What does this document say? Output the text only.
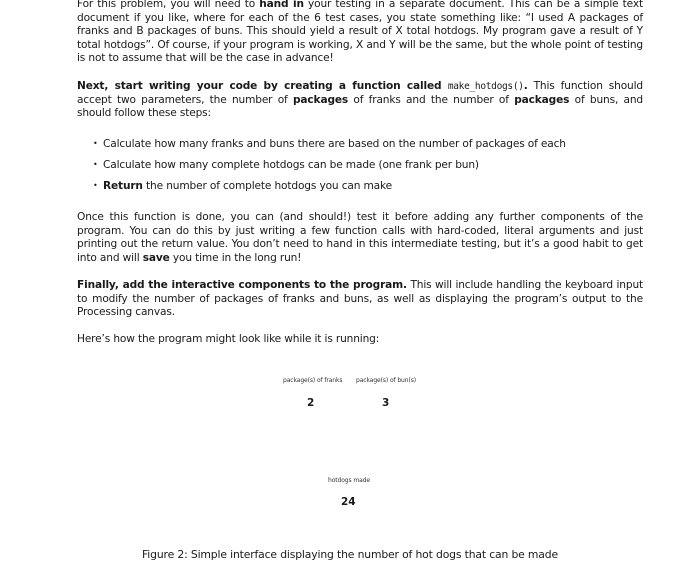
For this problem, you will need to hand in your testing in a separate document. This can be a simple text document if you like, where for each of the 6 test cases, you state something like: “I used A packages of franks and B packages of buns. This should yield a result of X total hotdogs. My program gave a result of Y total hotdogs”. Of course, if your program is working, X and Y will be the same, but the whole point of testing is not to assume that will be the case in advance!

Next, start writing your code by creating a function called make_hotdogs(). This function should accept two parameters, the number of packages of franks and the number of packages of buns, and should follow these steps:

• Calculate how many franks and buns there are based on the number of packages of each
• Calculate how many complete hotdogs can be made (one frank per bun)
• Return the number of complete hotdogs you can make

Once this function is done, you can (and should!) test it before adding any further components of the program. You can do this by just writing a few function calls with hard-coded, literal arguments and just printing out the return value. You don’t need to hand in this intermediate testing, but it’s a good habit to get into and will save you time in the long run!

Finally, add the interactive components to the program. This will include handling the keyboard input to modify the number of packages of franks and buns, as well as displaying the program’s output to the Processing canvas.

Here’s how the program might look like while it is running:

package(s) of franks package(s) of bun(s)
2	3
hotdogs made
24
Figure 2: Simple interface displaying the number of hot dogs that can be made
